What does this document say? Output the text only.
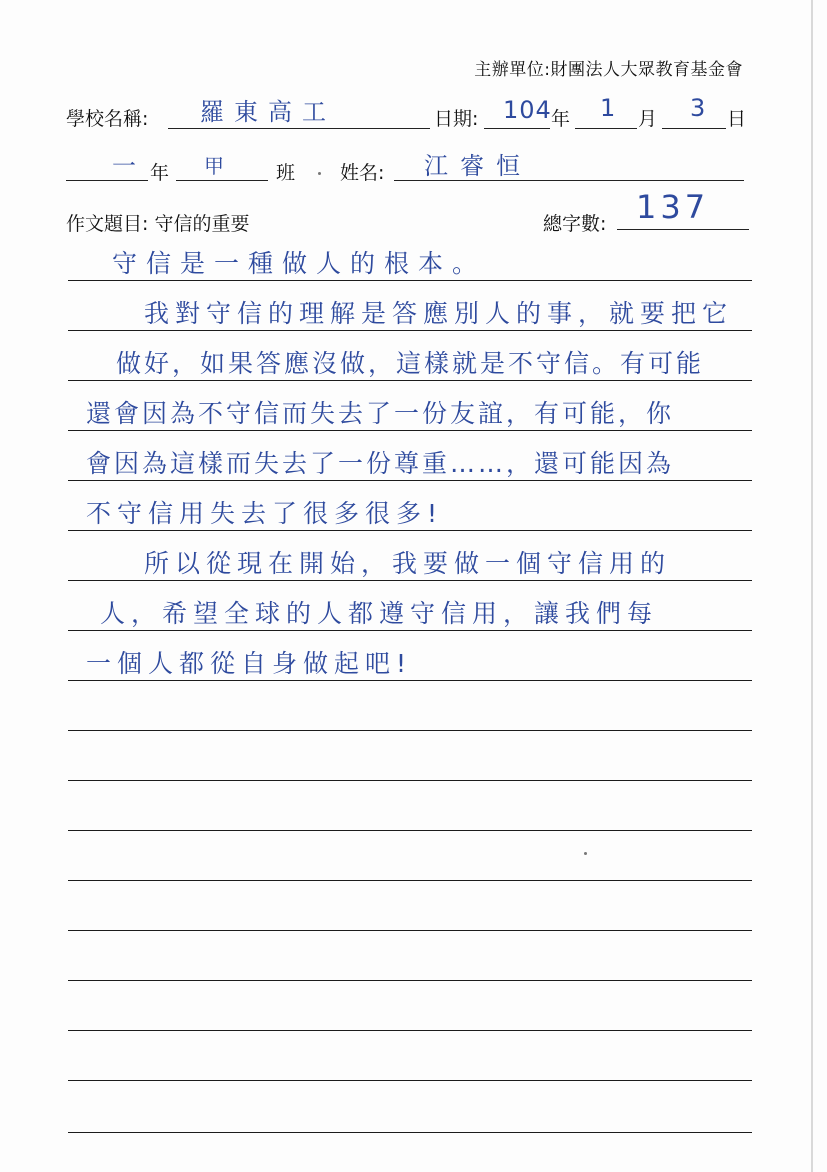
主辦單位:財團法人大眾教育基金會
學校名稱: 羅東高工	日期: 104 年 1 月 3 日
一 年 甲	班 姓名: 江睿恒
作文題目: 守信的重要	總字數: 137
守信是一種做人的根本。
我對守信的理解是答應別人的事，就要把它
做好，如果答應沒做，這樣就是不守信。有可能
還會因為不守信而失去了一份友誼，有可能，你
會因為這樣而失去了一份尊重……，還可能因為
不守信用失去了很多很多!
所以從現在開始，我要做一個守信用的
人，希望全球的人都遵守信用，讓我們每
一個人都從自身做起吧!
